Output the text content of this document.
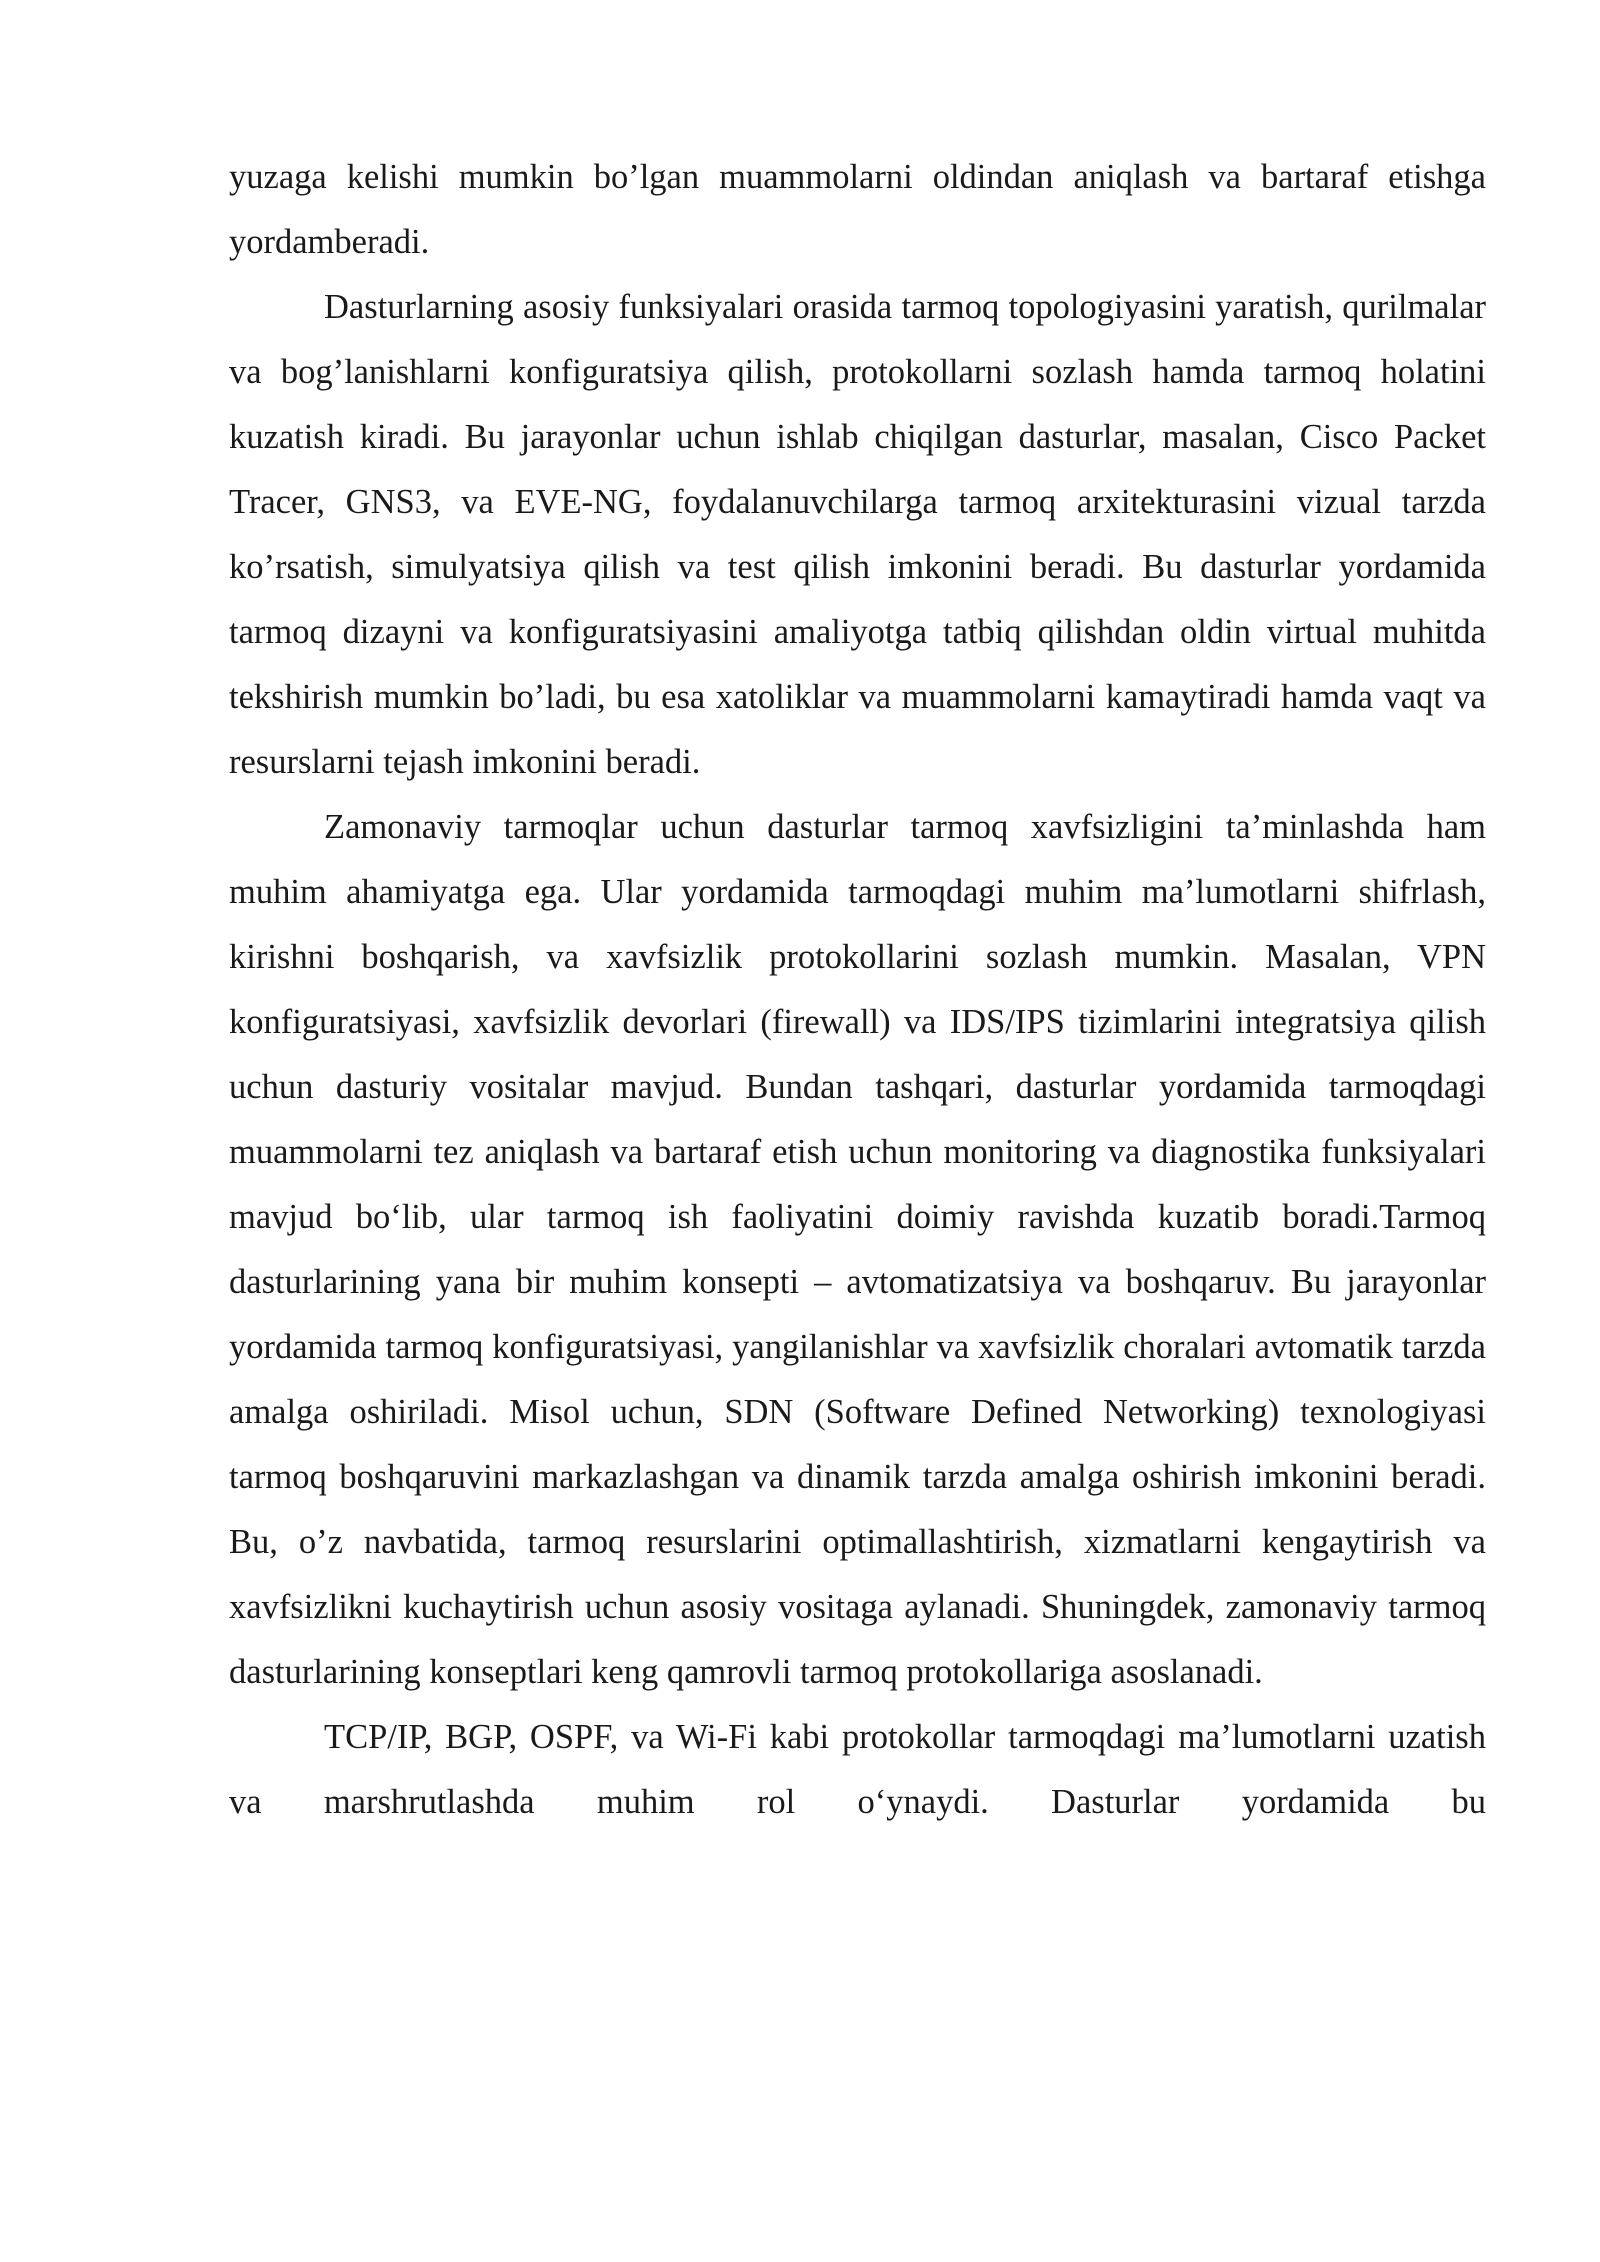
yuzaga kelishi mumkin bo’lgan muammolarni oldindan aniqlash va bartaraf etishga yordamberadi.

Dasturlarning asosiy funksiyalari orasida tarmoq topologiyasini yaratish, qurilmalar va bog’lanishlarni konfiguratsiya qilish, protokollarni sozlash hamda tarmoq holatini kuzatish kiradi. Bu jarayonlar uchun ishlab chiqilgan dasturlar, masalan, Cisco Packet Tracer, GNS3, va EVE-NG, foydalanuvchilarga tarmoq arxitekturasini vizual tarzda ko’rsatish, simulyatsiya qilish va test qilish imkonini beradi. Bu dasturlar yordamida tarmoq dizayni va konfiguratsiyasini amaliyotga tatbiq qilishdan oldin virtual muhitda tekshirish mumkin bo’ladi, bu esa xatoliklar va muammolarni kamaytiradi hamda vaqt va resurslarni tejash imkonini beradi.

Zamonaviy tarmoqlar uchun dasturlar tarmoq xavfsizligini ta’minlashda ham muhim ahamiyatga ega. Ular yordamida tarmoqdagi muhim ma’lumotlarni shifrlash, kirishni boshqarish, va xavfsizlik protokollarini sozlash mumkin. Masalan, VPN konfiguratsiyasi, xavfsizlik devorlari (firewall) va IDS/IPS tizimlarini integratsiya qilish uchun dasturiy vositalar mavjud. Bundan tashqari, dasturlar yordamida tarmoqdagi muammolarni tez aniqlash va bartaraf etish uchun monitoring va diagnostika funksiyalari mavjud bo‘lib, ular tarmoq ish faoliyatini doimiy ravishda kuzatib boradi.Tarmoq dasturlarining yana bir muhim konsepti – avtomatizatsiya va boshqaruv. Bu jarayonlar yordamida tarmoq konfiguratsiyasi, yangilanishlar va xavfsizlik choralari avtomatik tarzda amalga oshiriladi. Misol uchun, SDN (Software Defined Networking) texnologiyasi tarmoq boshqaruvini markazlashgan va dinamik tarzda amalga oshirish imkonini beradi. Bu, o’z navbatida, tarmoq resurslarini optimallashtirish, xizmatlarni kengaytirish va xavfsizlikni kuchaytirish uchun asosiy vositaga aylanadi. Shuningdek, zamonaviy tarmoq dasturlarining konseptlari keng qamrovli tarmoq protokollariga asoslanadi.

TCP/IP, BGP, OSPF, va Wi-Fi kabi protokollar tarmoqdagi ma’lumotlarni uzatish va marshrutlashda muhim rol o‘ynaydi. Dasturlar yordamida bu
